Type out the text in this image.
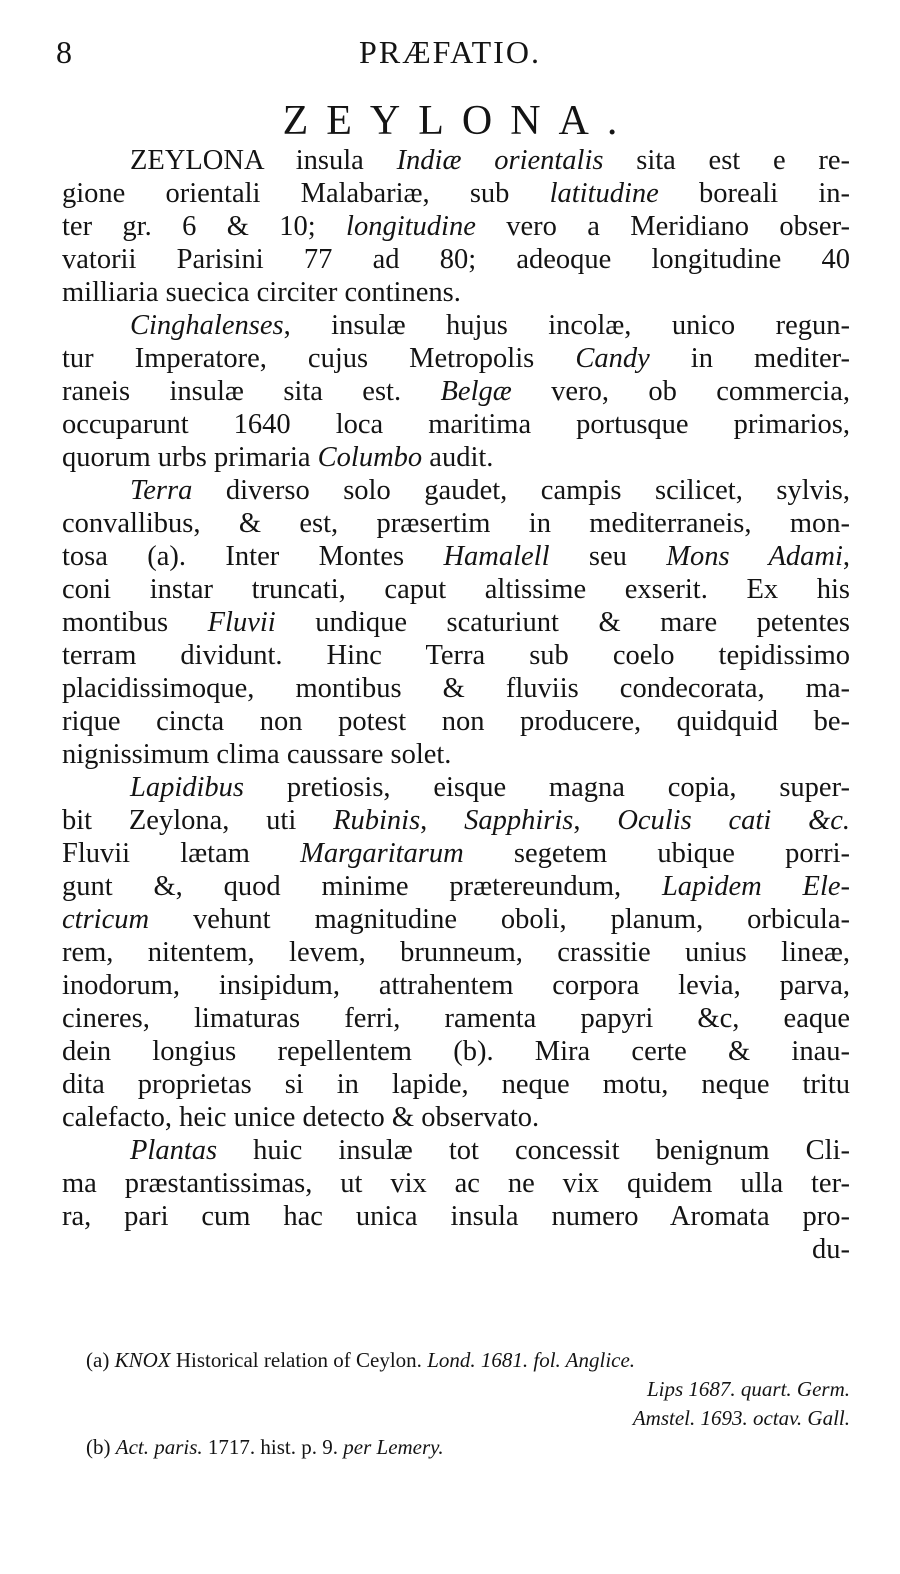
8	PRÆFATIO.
ZEYLONA.
ZEYLONA insula Indiæ orientalis sita est e re-
gione orientali Malabariæ, sub latitudine boreali in-
ter gr. 6 & 10; longitudine vero a Meridiano obser-
vatorii Parisini 77 ad 80; adeoque longitudine 40
milliaria suecica circiter continens.
Cinghalenses, insulæ hujus incolæ, unico regun-
tur Imperatore, cujus Metropolis Candy in mediter-
raneis insulæ sita est. Belgæ vero, ob commercia,
occuparunt 1640 loca maritima portusque primarios,
quorum urbs primaria Columbo audit.
Terra diverso solo gaudet, campis scilicet, sylvis,
convallibus, & est, præsertim in mediterraneis, mon-
tosa (a). Inter Montes Hamalell seu Mons Adami,
coni instar truncati, caput altissime exserit. Ex his
montibus Fluvii undique scaturiunt & mare petentes
terram dividunt. Hinc Terra sub coelo tepidissimo
placidissimoque, montibus & fluviis condecorata, ma-
rique cincta non potest non producere, quidquid be-
nignissimum clima caussare solet.
Lapidibus pretiosis, eisque magna copia, super-
bit Zeylona, uti Rubinis, Sapphiris, Oculis cati &c.
Fluvii lætam Margaritarum segetem ubique porri-
gunt &, quod minime prætereundum, Lapidem Ele-
ctricum vehunt magnitudine oboli, planum, orbicula-
rem, nitentem, levem, brunneum, crassitie unius lineæ,
inodorum, insipidum, attrahentem corpora levia, parva,
cineres, limaturas ferri, ramenta papyri &c, eaque
dein longius repellentem (b). Mira certe & inau-
dita proprietas si in lapide, neque motu, neque tritu
calefacto, heic unice detecto & observato.
Plantas huic insulæ tot concessit benignum Cli-
ma præstantissimas, ut vix ac ne vix quidem ulla ter-
ra, pari cum hac unica insula numero Aromata pro-
du-
(a) KNOX Historical relation of Ceylon. Lond. 1681. fol. Anglice.
Lips 1687. quart. Germ.
Amstel. 1693. octav. Gall.
(b) Act. paris. 1717. hist. p. 9. per Lemery.
